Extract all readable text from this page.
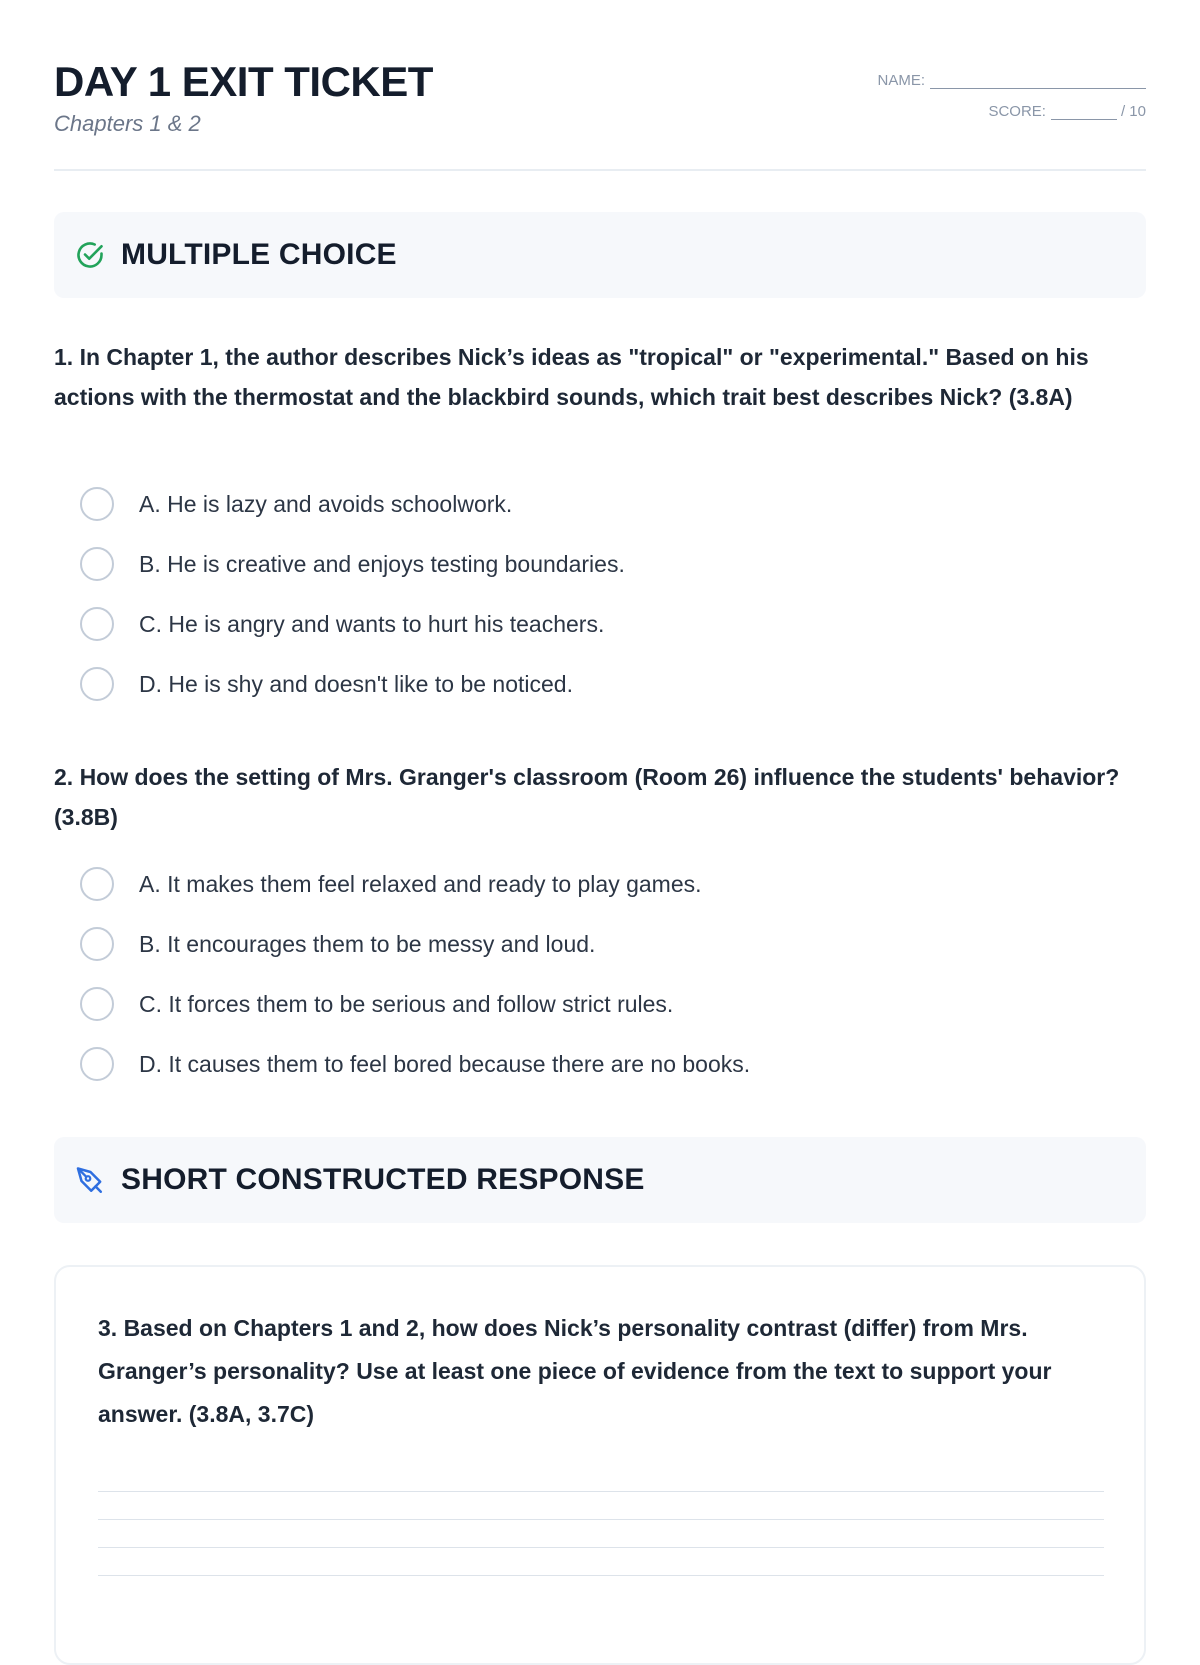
DAY 1 EXIT TICKET
Chapters 1 & 2
NAME:
SCORE:	/ 10
MULTIPLE CHOICE

1. In Chapter 1, the author describes Nick’s ideas as "tropical" or "experimental." Based on his actions with the thermostat and the blackbird sounds, which trait best describes Nick? (3.8A)

A. He is lazy and avoids schoolwork.
B. He is creative and enjoys testing boundaries.
C. He is angry and wants to hurt his teachers.
D. He is shy and doesn't like to be noticed.

2. How does the setting of Mrs. Granger's classroom (Room 26) influence the students' behavior? (3.8B)

A. It makes them feel relaxed and ready to play games.
B. It encourages them to be messy and loud.
C. It forces them to be serious and follow strict rules.
D. It causes them to feel bored because there are no books.
SHORT CONSTRUCTED RESPONSE

3. Based on Chapters 1 and 2, how does Nick’s personality contrast (differ) from Mrs. Granger’s personality? Use at least one piece of evidence from the text to support your answer. (3.8A, 3.7C)
